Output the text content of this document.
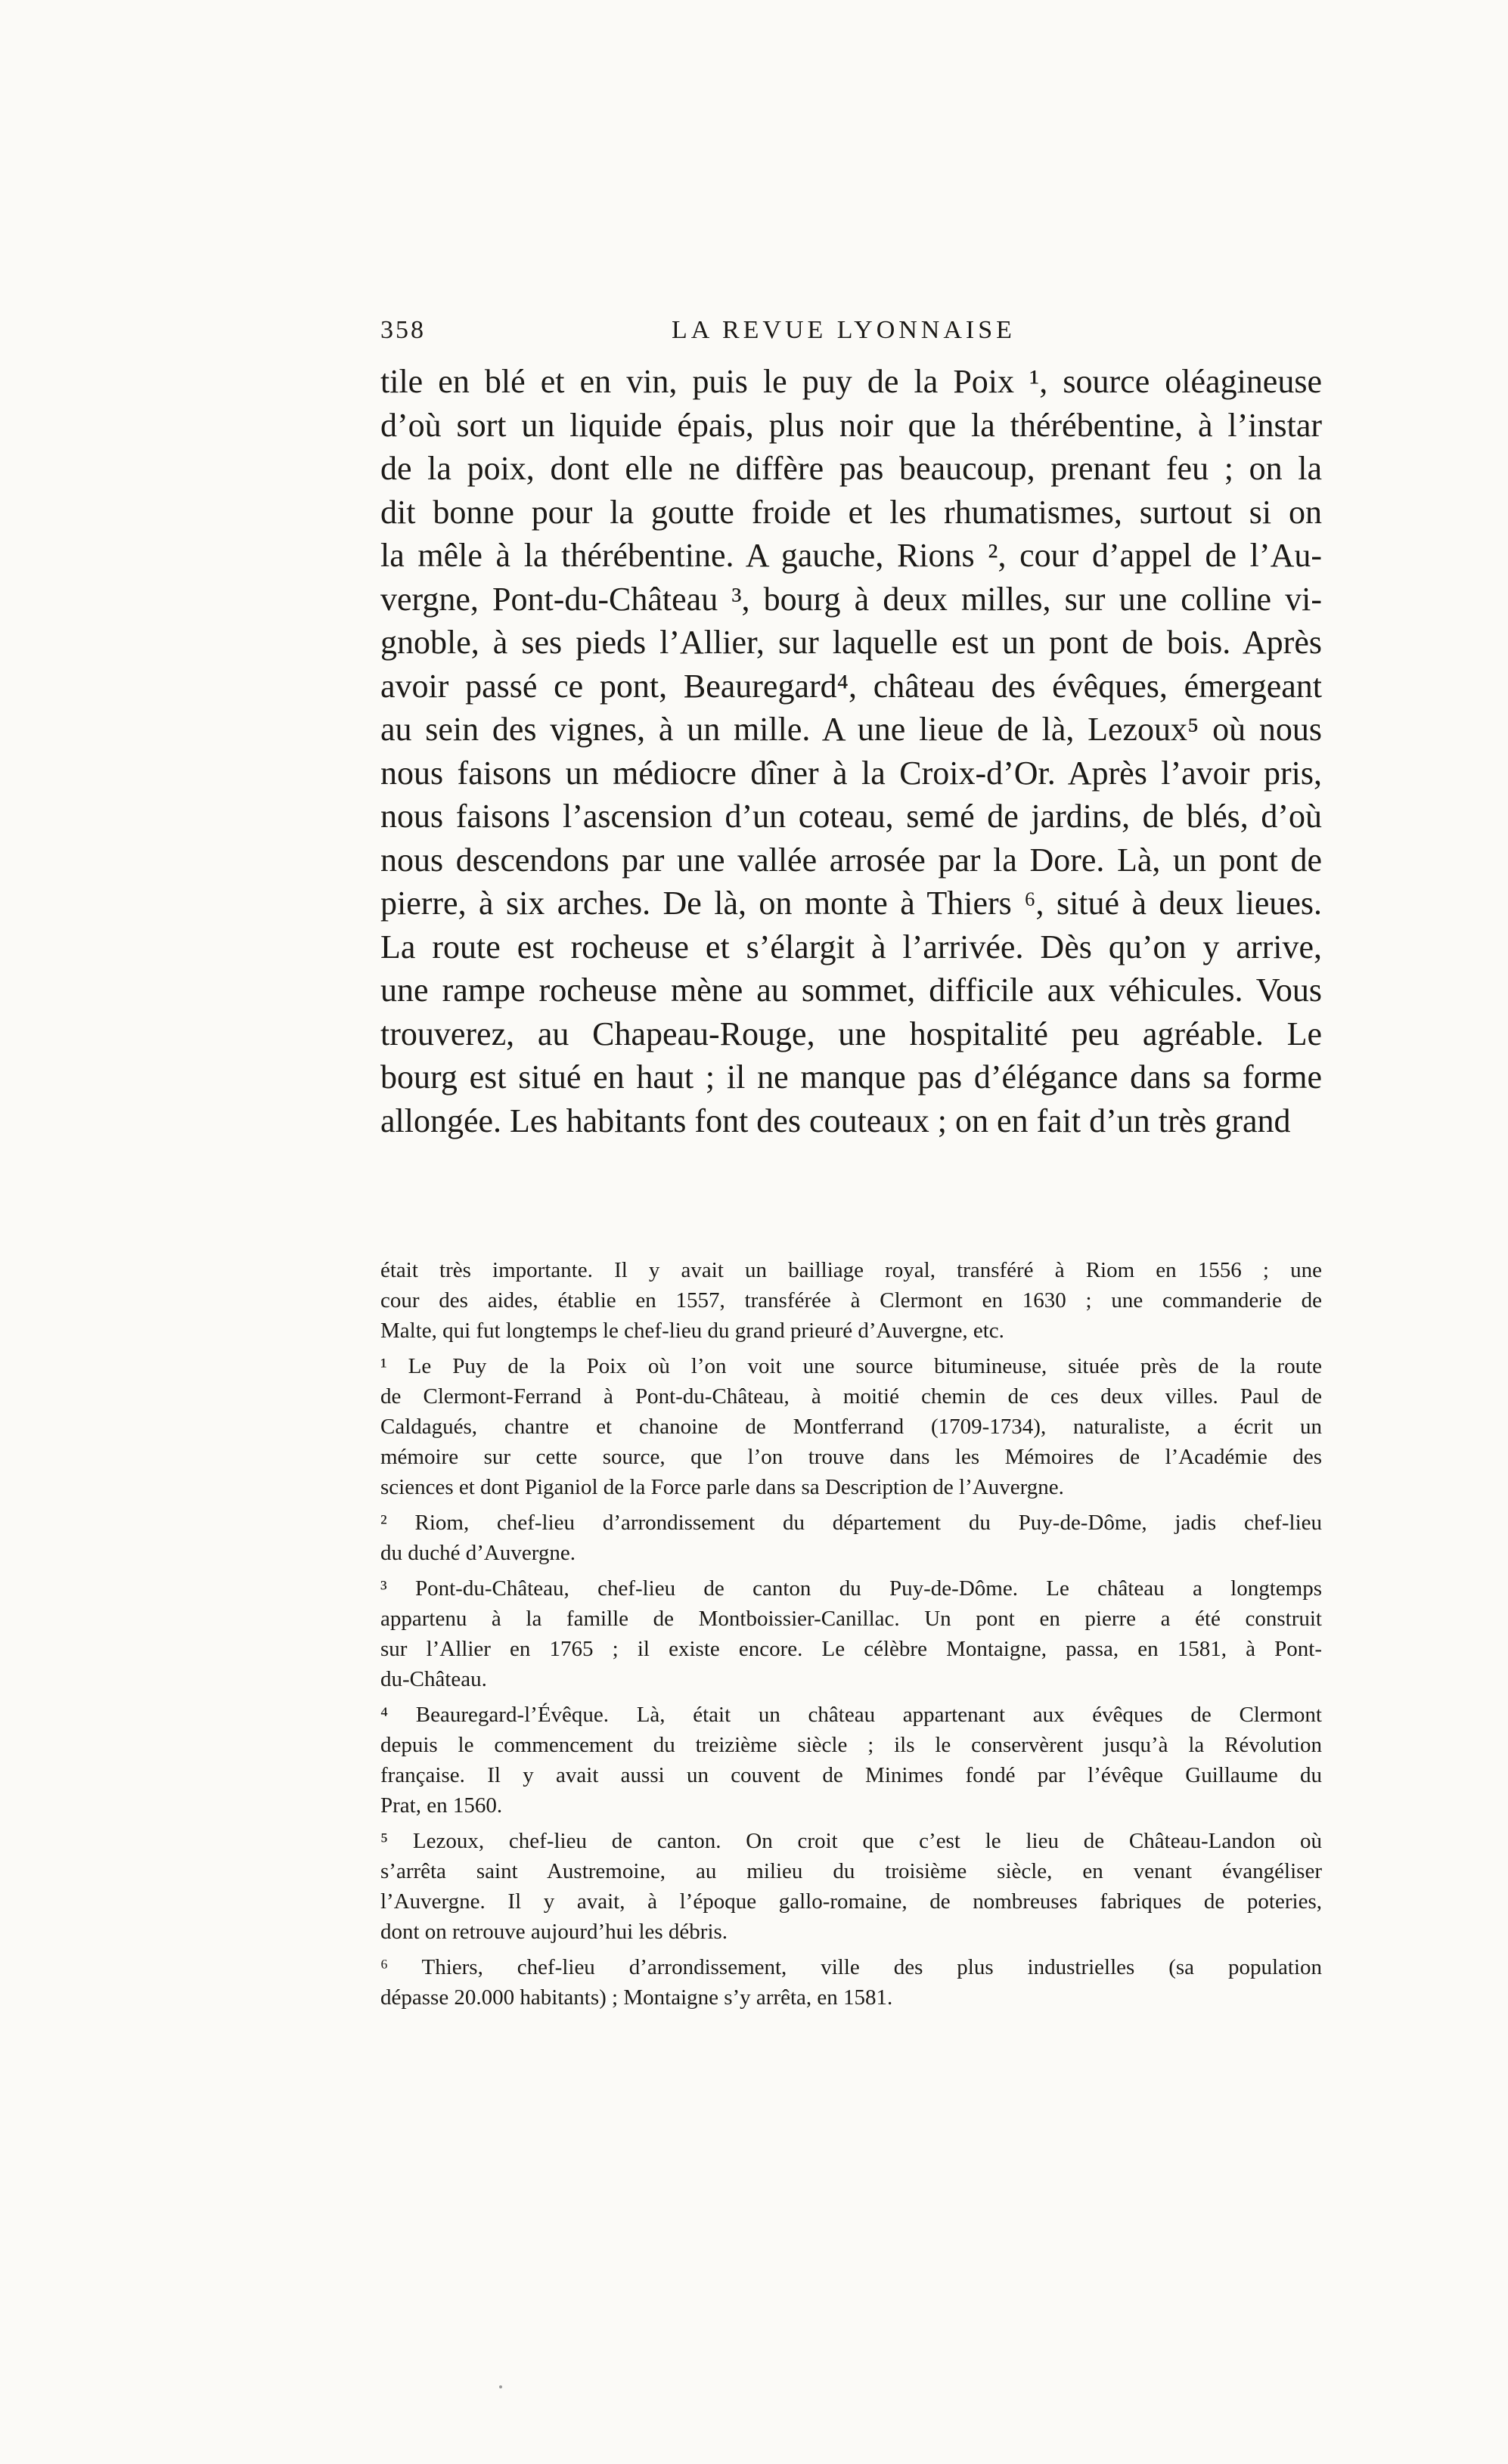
358	LA REVUE LYONNAISE
tile en blé et en vin, puis le puy de la Poix ¹, source oléagineuse
d’où sort un liquide épais, plus noir que la thérébentine, à l’instar
de la poix, dont elle ne diffère pas beaucoup, prenant feu ; on la
dit bonne pour la goutte froide et les rhumatismes, surtout si on
la mêle à la thérébentine. A gauche, Rions ², cour d’appel de l’Au-
vergne, Pont-du-Château ³, bourg à deux milles, sur une colline vi-
gnoble, à ses pieds l’Allier, sur laquelle est un pont de bois. Après
avoir passé ce pont, Beauregard⁴, château des évêques, émergeant
au sein des vignes, à un mille. A une lieue de là, Lezoux⁵ où nous
nous faisons un médiocre dîner à la Croix-d’Or. Après l’avoir pris,
nous faisons l’ascension d’un coteau, semé de jardins, de blés, d’où
nous descendons par une vallée arrosée par la Dore. Là, un pont de
pierre, à six arches. De là, on monte à Thiers ⁶, situé à deux lieues.
La route est rocheuse et s’élargit à l’arrivée. Dès qu’on y arrive,
une rampe rocheuse mène au sommet, difficile aux véhicules. Vous
trouverez, au Chapeau-Rouge, une hospitalité peu agréable. Le
bourg est situé en haut ; il ne manque pas d’élégance dans sa forme
allongée. Les habitants font des couteaux ; on en fait d’un très grand
était très importante. Il y avait un bailliage royal, transféré à Riom en 1556 ; une
cour des aides, établie en 1557, transférée à Clermont en 1630 ; une commanderie de
Malte, qui fut longtemps le chef-lieu du grand prieuré d’Auvergne, etc.
¹ Le Puy de la Poix où l’on voit une source bitumineuse, située près de la route
de Clermont-Ferrand à Pont-du-Château, à moitié chemin de ces deux villes. Paul de
Caldagués, chantre et chanoine de Montferrand (1709-1734), naturaliste, a écrit un
mémoire sur cette source, que l’on trouve dans les Mémoires de l’Académie des
sciences et dont Piganiol de la Force parle dans sa Description de l’Auvergne.
² Riom, chef-lieu d’arrondissement du département du Puy-de-Dôme, jadis chef-lieu
du duché d’Auvergne.
³ Pont-du-Château, chef-lieu de canton du Puy-de-Dôme. Le château a longtemps
appartenu à la famille de Montboissier-Canillac. Un pont en pierre a été construit
sur l’Allier en 1765 ; il existe encore. Le célèbre Montaigne, passa, en 1581, à Pont-
du-Château.
⁴ Beauregard-l’Évêque. Là, était un château appartenant aux évêques de Clermont
depuis le commencement du treizième siècle ; ils le conservèrent jusqu’à la Révolution
française. Il y avait aussi un couvent de Minimes fondé par l’évêque Guillaume du
Prat, en 1560.
⁵ Lezoux, chef-lieu de canton. On croit que c’est le lieu de Château-Landon où
s’arrêta saint Austremoine, au milieu du troisième siècle, en venant évangéliser
l’Auvergne. Il y avait, à l’époque gallo-romaine, de nombreuses fabriques de poteries,
dont on retrouve aujourd’hui les débris.
⁶ Thiers, chef-lieu d’arrondissement, ville des plus industrielles (sa population
dépasse 20.000 habitants) ; Montaigne s’y arrêta, en 1581.
